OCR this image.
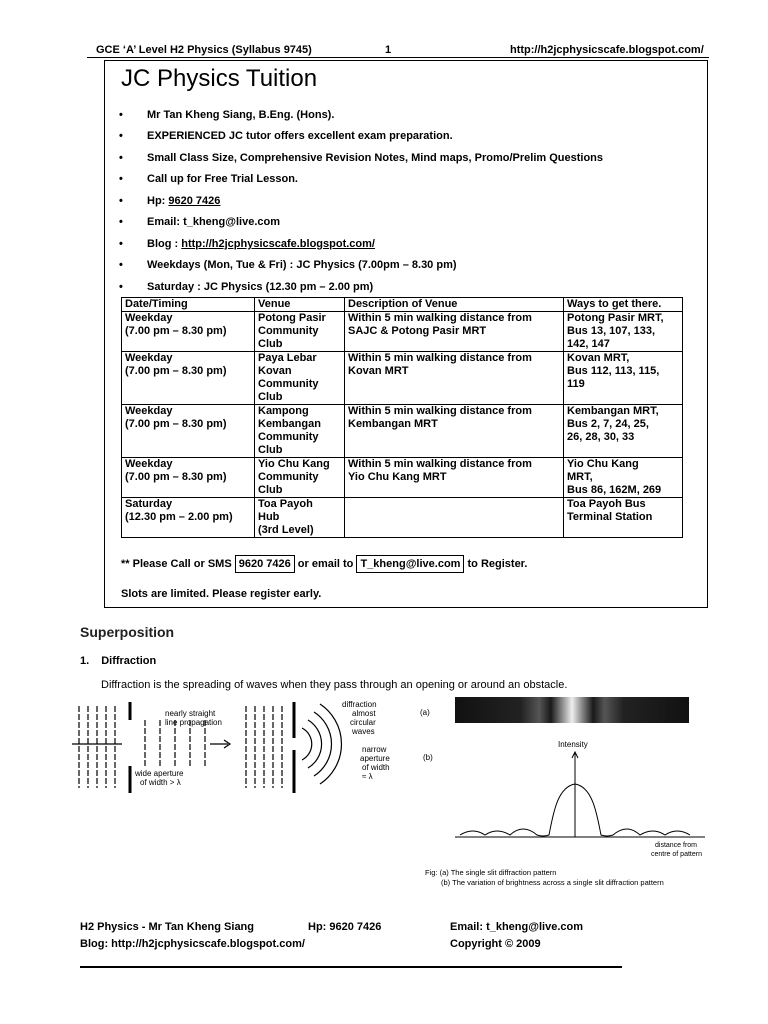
GCE ‘A’ Level H2 Physics (Syllabus 9745)	1	http://h2jcphysicscafe.blogspot.com/
JC Physics Tuition
• Mr Tan Kheng Siang, B.Eng. (Hons).
• EXPERIENCED JC tutor offers excellent exam preparation.
• Small Class Size, Comprehensive Revision Notes, Mind maps, Promo/Prelim Questions
• Call up for Free Trial Lesson.
• Hp: 9620 7426
• Email: t_kheng@live.com
• Blog : http://h2jcphysicscafe.blogspot.com/
• Weekdays (Mon, Tue & Fri) : JC Physics (7.00pm – 8.30 pm)
• Saturday : JC Physics (12.30 pm – 2.00 pm)
Date/Timing	Venue	Description of Venue	Ways to get there.
Weekday
(7.00 pm – 8.30 pm)	Potong Pasir
Community
Club	Within 5 min walking distance from
SAJC & Potong Pasir MRT	Potong Pasir MRT,
Bus 13, 107, 133,
142, 147
Weekday
(7.00 pm – 8.30 pm)	Paya Lebar
Kovan
Community
Club	Within 5 min walking distance from
Kovan MRT	Kovan MRT,
Bus 112, 113, 115,
119
Weekday
(7.00 pm – 8.30 pm)	Kampong
Kembangan
Community
Club	Within 5 min walking distance from
Kembangan MRT	Kembangan MRT,
Bus 2, 7, 24, 25,
26, 28, 30, 33
Weekday
(7.00 pm – 8.30 pm)	Yio Chu Kang
Community
Club	Within 5 min walking distance from
Yio Chu Kang MRT	Yio Chu Kang
MRT,
Bus 86, 162M, 269
Saturday
(12.30 pm – 2.00 pm)	Toa Payoh
Hub
(3rd Level)		Toa Payoh Bus
Terminal Station
** Please Call or SMS 9620 7426 or email to T_kheng@live.com to Register.
Slots are limited. Please register early.
Superposition
1. Diffraction
Diffraction is the spreading of waves when they pass through an opening or around an obstacle.
nearly straight
line propagation
wide aperture
of width > λ
diffraction
almost
circular
waves
narrow
aperture
of width
≈ λ
(a)
(b)
Intensity
distance from
centre of pattern
Fig: (a) The single slit diffraction pattern
(b) The variation of brightness across a single slit diffraction pattern
H2 Physics - Mr Tan Kheng Siang	Hp: 9620 7426	Email: t_kheng@live.com
Blog: http://h2jcphysicscafe.blogspot.com/	Copyright © 2009
